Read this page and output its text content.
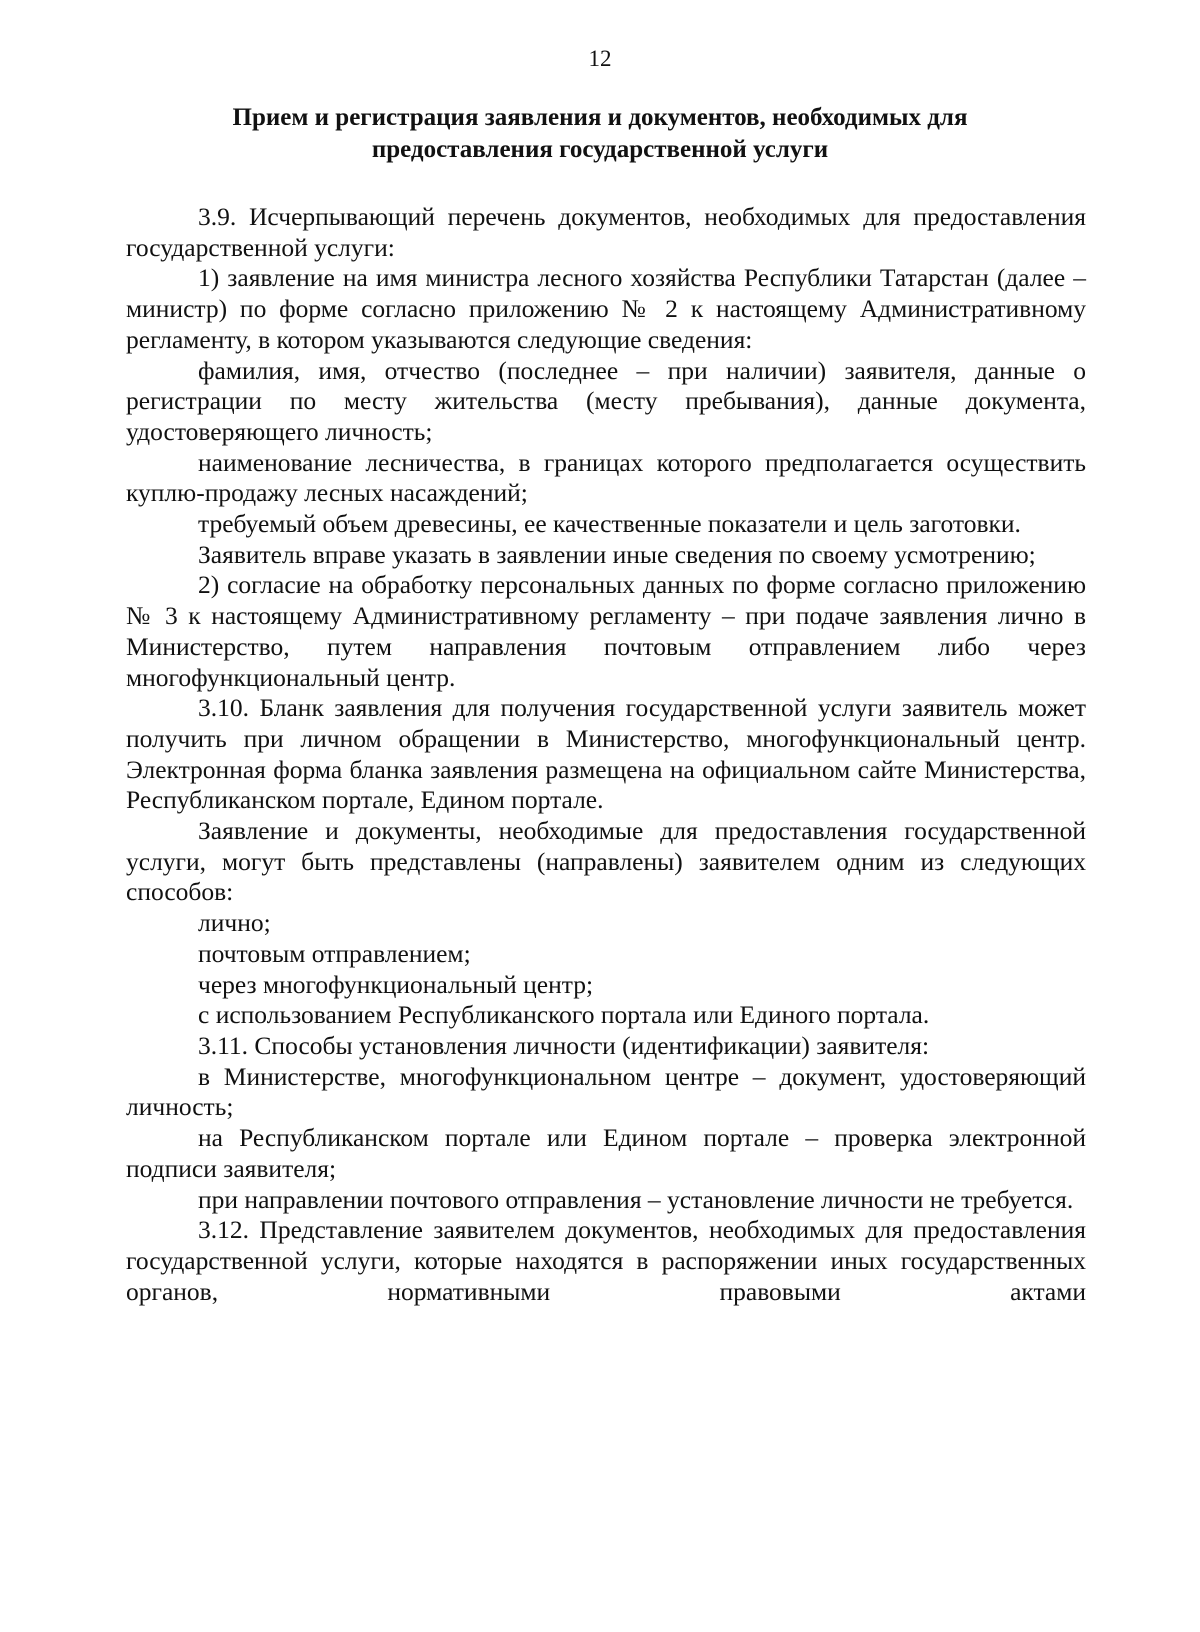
12
Прием и регистрация заявления и документов, необходимых для
предоставления государственной услуги

3.9. Исчерпывающий перечень документов, необходимых для предоставления государственной услуги:

1) заявление на имя министра лесного хозяйства Республики Татарстан (далее – министр) по форме согласно приложению № 2 к настоящему Административному регламенту, в котором указываются следующие сведения:

фамилия, имя, отчество (последнее – при наличии) заявителя, данные о регистрации по месту жительства (месту пребывания), данные документа, удостоверяющего личность;

наименование лесничества, в границах которого предполагается осуществить куплю-продажу лесных насаждений;

требуемый объем древесины, ее качественные показатели и цель заготовки.

Заявитель вправе указать в заявлении иные сведения по своему усмотрению;

2) согласие на обработку персональных данных по форме согласно приложению № 3 к настоящему Административному регламенту – при подаче заявления лично в Министерство, путем направления почтовым отправлением либо через многофункциональный центр.

3.10. Бланк заявления для получения государственной услуги заявитель может получить при личном обращении в Министерство, многофункциональный центр. Электронная форма бланка заявления размещена на официальном сайте Министерства, Республиканском портале, Едином портале.

Заявление и документы, необходимые для предоставления государственной услуги, могут быть представлены (направлены) заявителем одним из следующих способов:

лично;

почтовым отправлением;

через многофункциональный центр;

с использованием Республиканского портала или Единого портала.

3.11. Способы установления личности (идентификации) заявителя:

в Министерстве, многофункциональном центре – документ, удостоверяющий личность;

на Республиканском портале или Едином портале – проверка электронной подписи заявителя;

при направлении почтового отправления – установление личности не требуется.

3.12. Представление заявителем документов, необходимых для предоставления государственной услуги, которые находятся в распоряжении иных государственных органов, нормативными правовыми актами
